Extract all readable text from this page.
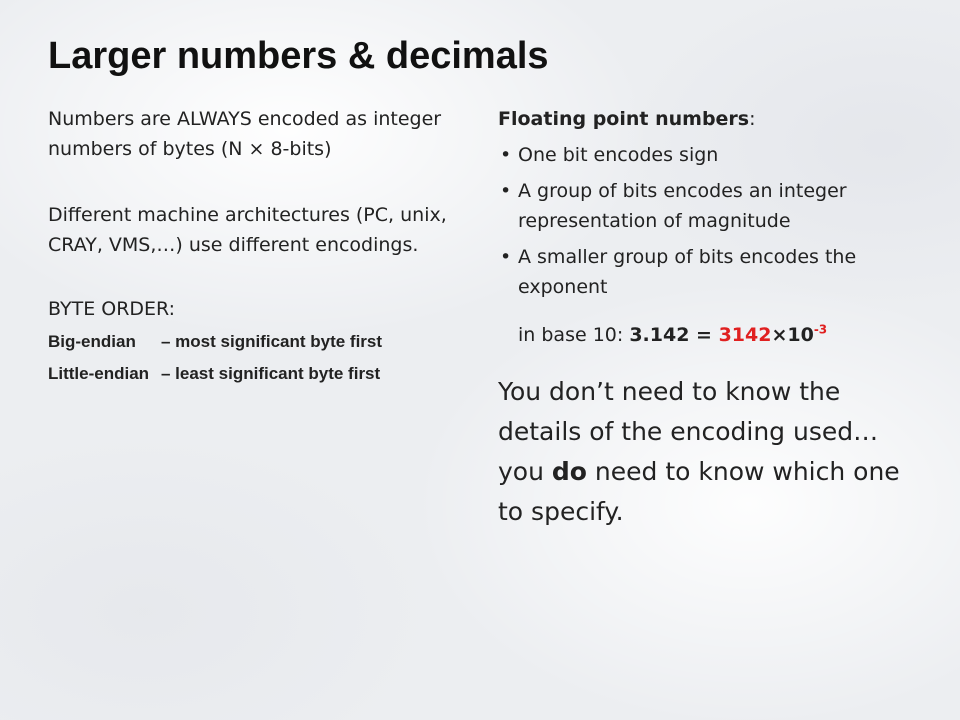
Larger numbers & decimals

Numbers are ALWAYS encoded as integer numbers of bytes (N × 8-bits)

Different machine architectures (PC, unix, CRAY, VMS,…) use different encodings.

BYTE ORDER:

Big-endian	– most significant byte first
Little-endian – least significant byte first

Floating point numbers:

• One bit encodes sign
• A group of bits encodes an integer representation of magnitude
• A smaller group of bits encodes the exponent
in base 10: $3.142 = 3142\times 10^{-3}$

You don’t need to know the details of the encoding used…you do need to know which one to specify.
